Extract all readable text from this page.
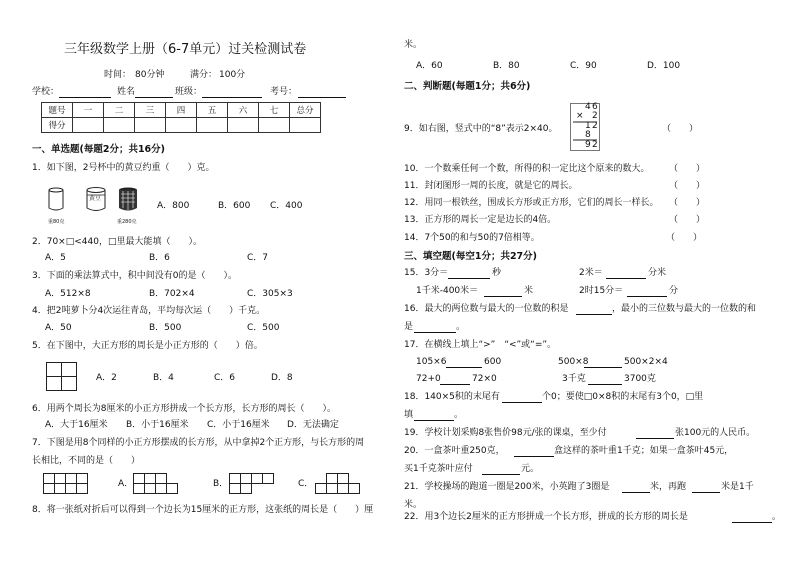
三年级数学上册（6-7单元）过关检测试卷
时间： 80分钟	满分： 100分
学校：	姓名	班级：	考号：
题号	一	二	三	四	五	六	七	总分
得分								
一、单选题(每题2分；共16分)
1．如下图，2号杯中的黄豆约重（　　）克。
黄豆
重80克	重280克
A．800	B．600 C．400
2．70×□<440，□里最大能填（　　）。
A．5	B．6	C．7
3．下面的乘法算式中，积中间没有0的是（　　）。
A．512×8	B．702×4	C．305×3
4．把2吨萝卜分4次运往青岛，平均每次运（　　）千克。
A．50	B．500	C．500
5．在下图中，大正方形的周长是小正方形的（　　）倍。
A．2	B．4	C．6	D．8
6．用两个周长为8厘米的小正方形拼成一个长方形，长方形的周长（　　）。
A．大于16厘米 B．小于16厘米 C．小于16厘米 D．无法确定
7．下图是用8个同样的小正方形摆成的长方形，从中拿掉2个正方形，与长方形的周
长相比，不同的是（　　）
A．	B．	C．
8．将一张纸对折后可以得到一个边长为15厘米的正方形，这张纸的周长是（　　）厘
米。
A．60	B．80	C．90	D．100
二、判断题(每题1分；共6分)
9．如右图，竖式中的“8”表示2×40。	（　　）
4 6
× 2
1 2
8
9 2
10．一个数乘任何一个数，所得的积一定比这个原来的数大。 （　　）
11．封闭图形一周的长度，就是它的周长。	（　　）
12．用同一根铁丝，围成长方形或正方形，它们的周长一样长。 （　　）
13．正方形的周长一定是边长的4倍。	（　　）
14．7个50的和与50的7倍相等。	（　　）
三、填空题(每空1分；共27分)
15．3分＝	秒	2米＝	分米
1千米-400米＝	米	2时15分＝	分
16．最大的两位数与最大的一位数的积是	，最小的三位数与最大的一位数的和
是	。
17．在横线上填上“>”　“<”或“=”。
105×6	600	500×8	500×2×4
72+0	72×0	3千克	3700克
18．140×5积的末尾有	个0；要使□0×8积的末尾有3个0，□里
填	。
19．学校计划采购8张售价98元/张的课桌，至少付	张100元的人民币。
20．一盒茶叶重250克，	盒这样的茶叶重1千克；如果一盒茶叶45元，
买1千克茶叶应付	元。
21．学校操场的跑道一圈是200米，小英跑了3圈是	米，再跑	米是1千
米。
22．用3个边长2厘米的正方形拼成一个长方形，拼成的长方形的周长是	。
